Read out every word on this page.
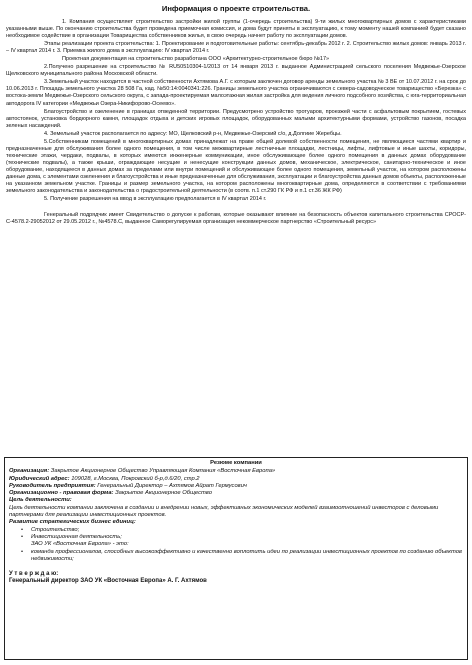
Информация о проекте строительства.
1. Компания осуществляет строительство застройки жилой группы (1-очередь строительства) 9-ти жилых многоквартирных домов с характеристиками указанными выше. По окончанию строительства будет проведена приемочная комиссия, и дома будут приняты в эксплуатацию, к тому моменту нашей компанией будет сказано необходимое содействие в организации Товарищества собственников жилья, в свою очередь начнет работу по эксплуатации домов.
Этапы реализации проекта строительства: 1. Проектирование и подготовительные работы: сентябрь-декабрь 2012 г. 2. Строительство жилых домов: январь 2013 г. – IV квартал 2014 г. 3. Приемка жилого дома в эксплуатацию: IV квартал 2014 г.
Проектная документация на строительство разработана ООО «Архитектурно-строительное бюро №17»
2.Получено разрешение на строительство № RU50510304-1/2013 от 14 января 2013 г. выданное Администрацией сельского поселения Медвежье-Озерское Щелковского муниципального района Московской области.
3.Земельный участок находится в частной собственности Ахтямова А.Г. с которым заключен договор аренды земельного участка № 3 ВЕ от 10.07.2012 г. на срок до 10.06.2013 г. Площадь земельного участка 28 508 Га, кад. №50:14:0040341:226. Границы земельного участка ограничиваются с севера-садоводческое товарищество «Березка» с востока-земли Медвежье-Озерского сельского округа, с запада-проектируемая малоэтажная жилая застройка для ведения личного подсобного хозяйства, с юга-территориальная автодорога IV категории «Медвежьи Озера-Никифорово-Осеево».
Благоустройство и озеленение в границах отведенной территории. Предусмотрено устройство тротуаров, проезжей части с асфальтовым покрытием, гостевых автостоянок, установка бордюрного камня, площадок отдыха и детских игровых площадок, оборудованных малыми архитектурными формами, устройство газонов, посадка зеленых насаждений.
4. Земельный участок располагается по адресу: МО, Щелковский р-н, Медвежье-Озерский с/о, д.Долгиие Жеребцы.
5.Собственникам помещений в многоквартирных домах принадлежат на праве общей долевой собственности помещения, не являющиеся частями квартир и предназначенные для обслуживания более одного помещения, в том числе межквартирные лестничные площадки, лестницы, лифты, лифтовые и иные шахты, коридоры, технические этажи, чердаки, подвалы, в которых имеются инженерные коммуникации, иное обслуживающее более одного помещения в данных домах оборудование (технические подвалы), а также крыши, ограждающие несущие и ненесущие конструкции данных домов, механическое, электрическое, санитарно-техническое и иное оборудование, находящееся в данных домах за пределами или внутри помещений и обслуживающее более одного помещения, земельный участок, на котором расположены данные дома, с элементами озеленения и благоустройства и иные предназначенные для обслуживания, эксплуатации и благоустройства данных домов объекты, расположенные на указанном земельном участке. Границы и размер земельного участка, на котором расположены многоквартирные дома, определяются в соответствии с требованиями земельного законодательства и законодательства о градостроительной деятельности (в соотв. п.1 ст.290 ГК РФ и п.1 ст.36 ЖК РФ)
5. Получение разрешения на ввод в эксплуатацию предполагается в IV квартал 2014 г.
Генеральный подрядчик имеет Свидетельство о допуске к работам, которые оказывают влияние на безопасность объектов капитального строительства СРОСР-С-4578.2-29052012 от 29.05.2012 г., №4578.С, выданное Саморегулируемая организация некоммерческое партнерство «Строительный ресурс»
Резюме компании
Организация: Закрытое Акционерное Общество Управляющая Компания «Восточная Европа»
Юридический адрес: 109028, г.Москва, Покровский б-р,д.6/20, стр.2
Руководитель предприятия: Генеральный Директор – Ахтямов Айрат Гермусович
Организационно - правовая форма: Закрытое Акционерное Общество
Цель деятельности:
Цель деятельности компании заключена в создании и внедрении новых, эффективных экономических моделей взаимоотношений инвесторов с деловыми партнерами для реализации инвестиционных проектов.
Развитие стратегических бизнес единиц:
• Строительство;
• Инвестиционная деятельность;
ЗАО УК «Восточная Европа» - это:
• команда профессионалов, способных высокоэффективно и качественно воплотить идеи по реализации инвестиционных проектов по созданию объектов недвижимости;
У т в е р ж д а ю:
Генеральный директор ЗАО УК «Восточная Европа» А. Г. Ахтямов
